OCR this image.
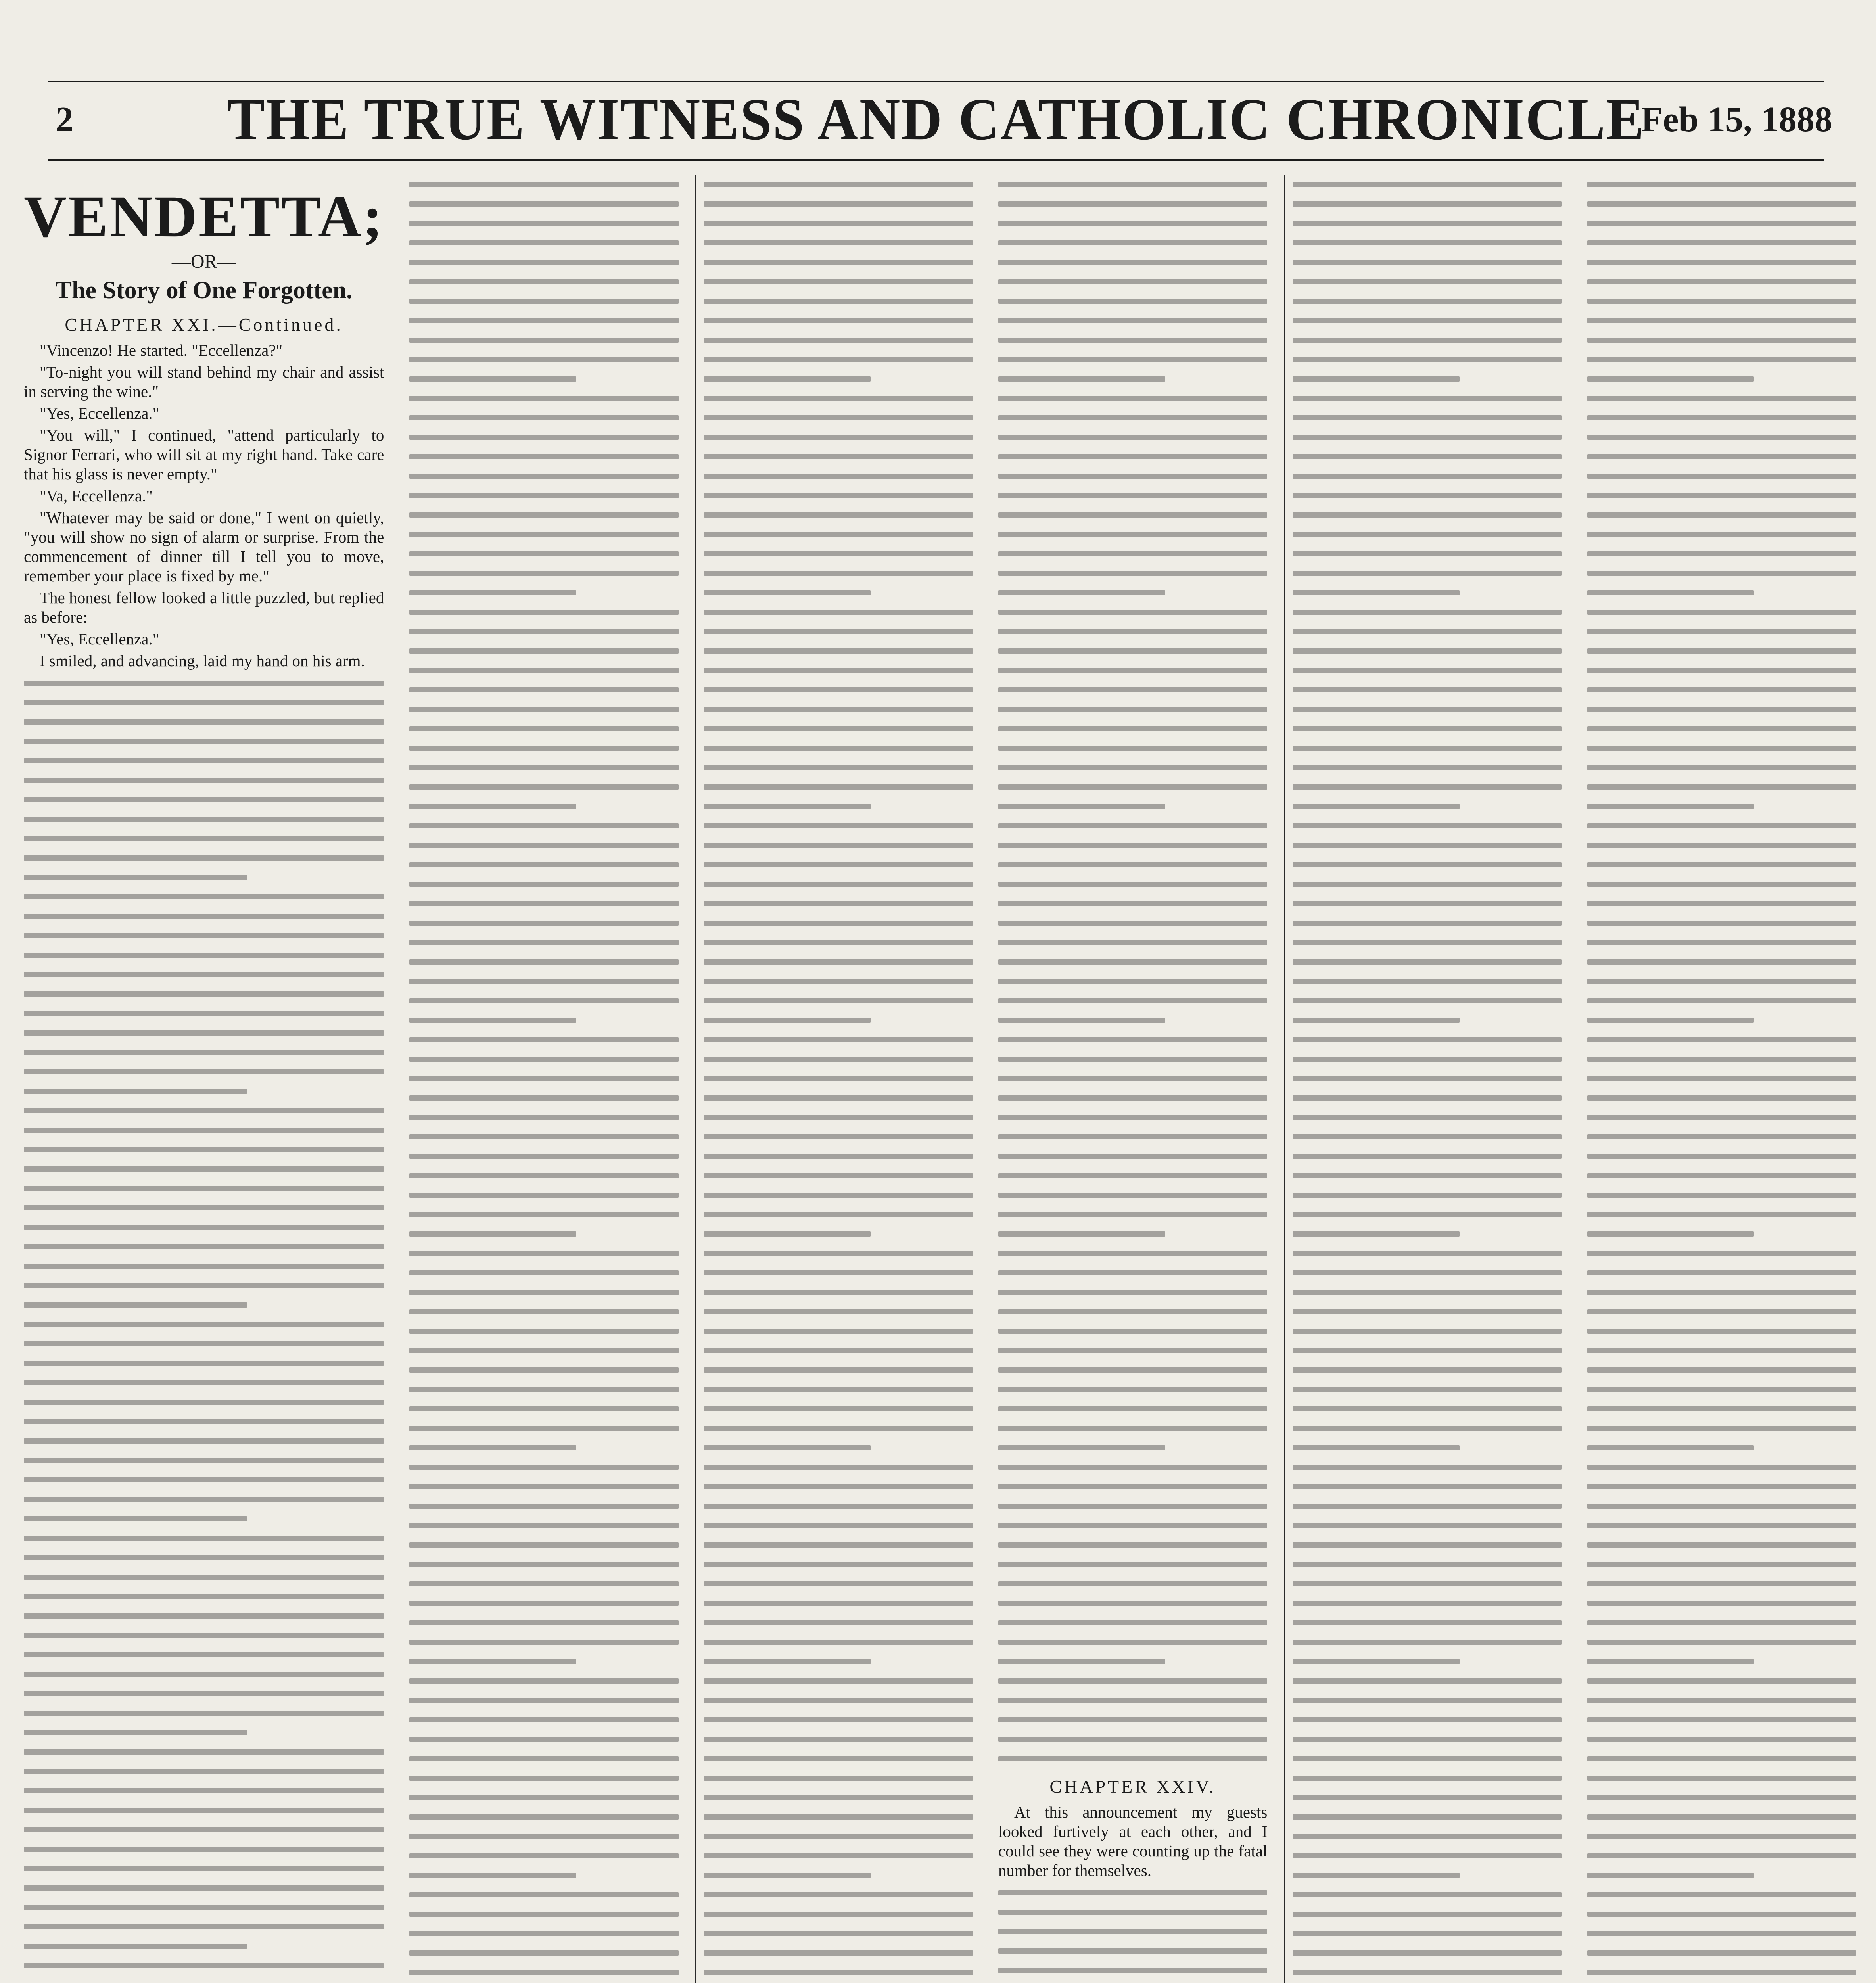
2	THE TRUE WITNESS AND CATHOLIC CHRONICLE
Feb 15, 1888
VENDETTA;
—OR—
The Story of One Forgotten.
CHAPTER XXI.—Continued.

"Vincenzo! He started. "Eccellenza?"

"To-night you will stand behind my chair and assist in serving the wine."

"Yes, Eccellenza."

"You will," I continued, "attend particularly to Signor Ferrari, who will sit at my right hand. Take care that his glass is never empty."

"Va, Eccellenza."

"Whatever may be said or done," I went on quietly, "you will show no sign of alarm or surprise. From the commencement of dinner till I tell you to move, remember your place is fixed by me."

The honest fellow looked a little puzzled, but replied as before:

"Yes, Eccellenza."

I smiled, and advancing, laid my hand on his arm.

CHAPTER XXIV.

At this announcement my guests looked furtively at each other, and I could see they were counting up the fatal number for themselves.
